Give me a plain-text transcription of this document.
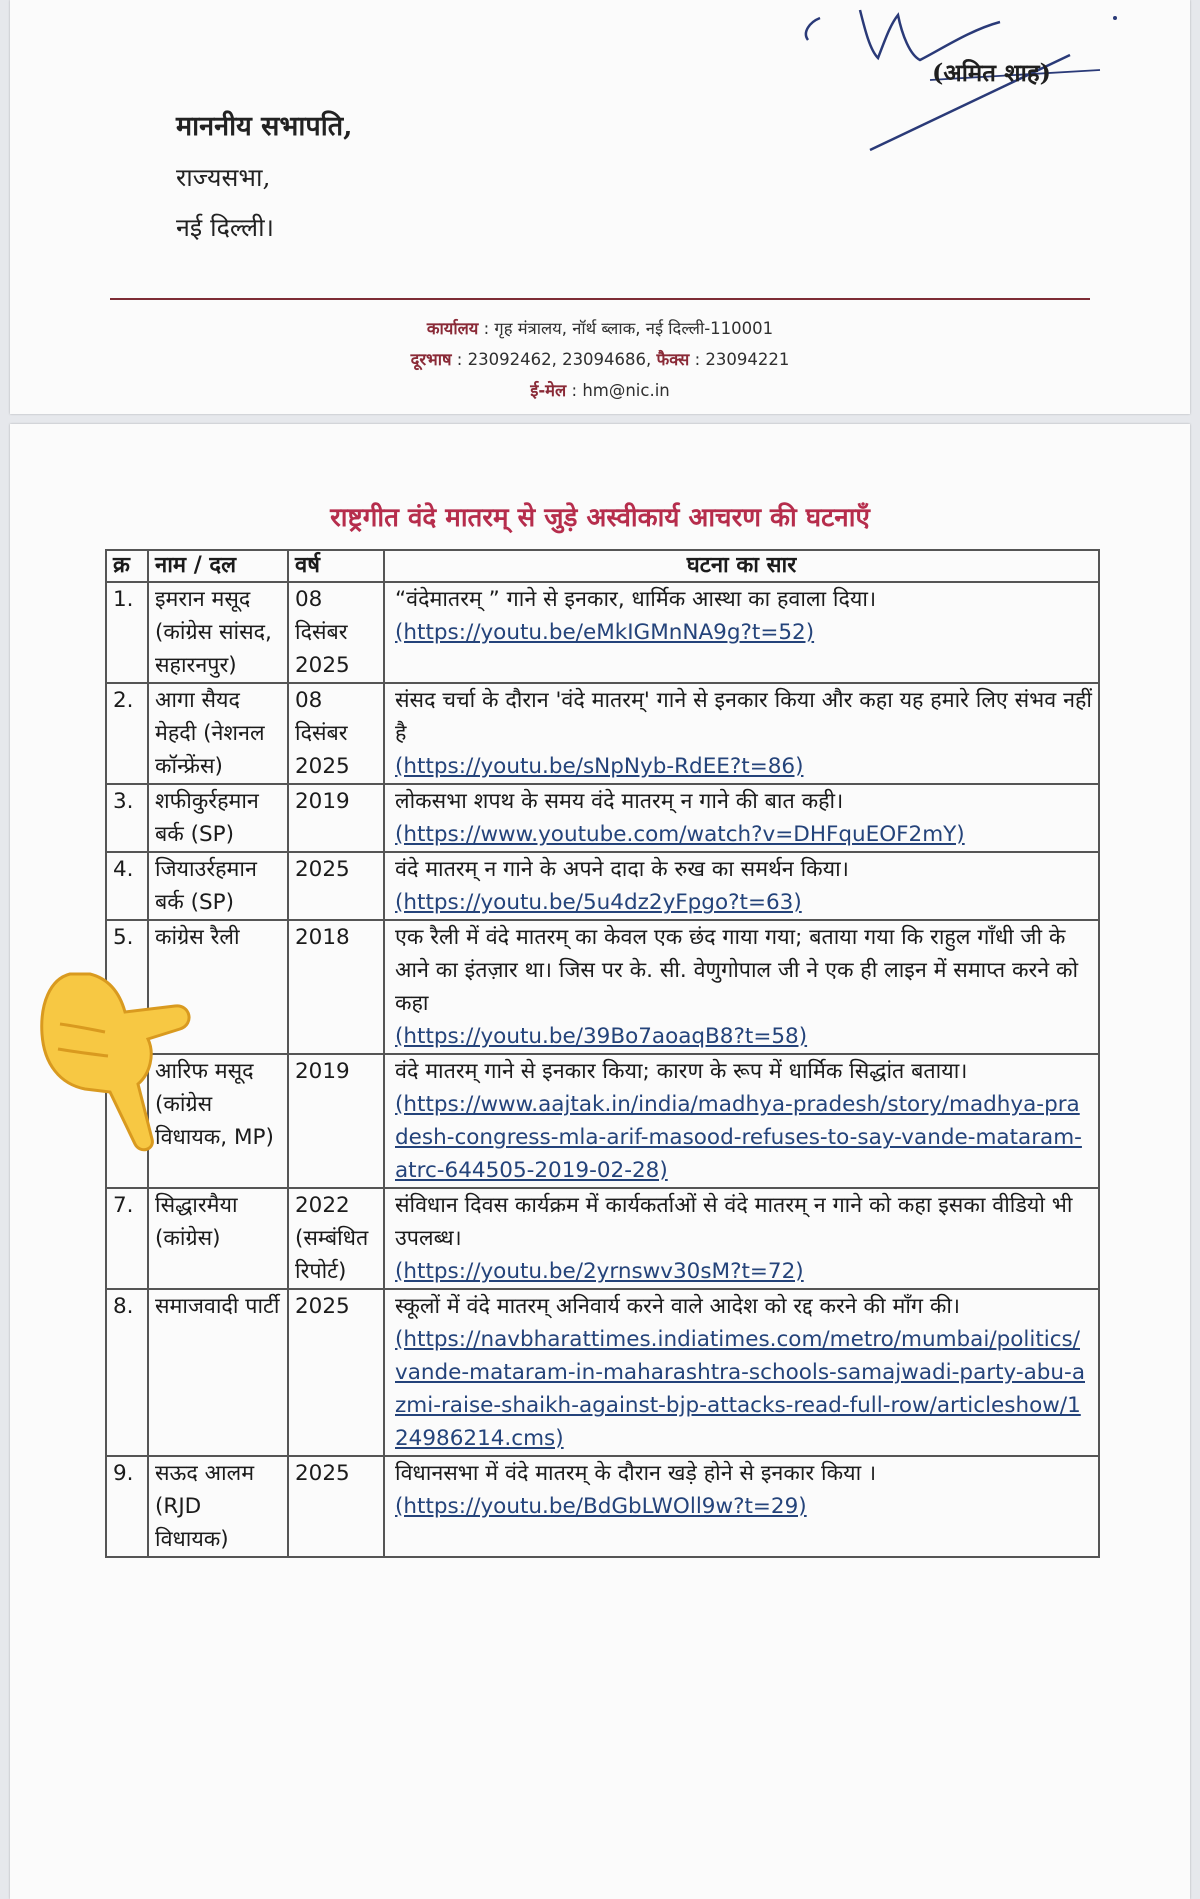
(अमित शाह)
माननीय सभापति,
राज्यसभा,
नई दिल्ली।
कार्यालय : गृह मंत्रालय, नॉर्थ ब्लाक, नई दिल्ली-110001
दूरभाष : 23092462, 23094686, फैक्स : 23094221
ई-मेल : hm@nic.in
राष्ट्रगीत वंदे मातरम् से जुड़े अस्वीकार्य आचरण की घटनाएँ
क्र	नाम / दल	वर्ष	घटना का सार
1.	इमरान मसूद (कांग्रेस सांसद, सहारनपुर)	08 दिसंबर 2025	“वंदेमातरम् ” गाने से इनकार, धार्मिक आस्था का हवाला दिया।
(https://youtu.be/eMkIGMnNA9g?t=52)
2.	आगा सैयद मेहदी (नेशनल कॉन्फ्रेंस)	08 दिसंबर 2025	संसद चर्चा के दौरान 'वंदे मातरम्' गाने से इनकार किया और कहा यह हमारे लिए संभव नहीं है
(https://youtu.be/sNpNyb-RdEE?t=86)
3.	शफीकुर्रहमान बर्क (SP)	2019	लोकसभा शपथ के समय वंदे मातरम् न गाने की बात कही।
(https://www.youtube.com/watch?v=DHFquEOF2mY)
4.	जियाउर्रहमान बर्क (SP)	2025	वंदे मातरम् न गाने के अपने दादा के रुख का समर्थन किया।
(https://youtu.be/5u4dz2yFpgo?t=63)
5.	कांग्रेस रैली	2018	एक रैली में वंदे मातरम् का केवल एक छंद गाया गया; बताया गया कि राहुल गाँधी जी के आने का इंतज़ार था। जिस पर के. सी. वेणुगोपाल जी ने एक ही लाइन में समाप्त करने को कहा
(https://youtu.be/39Bo7aoaqB8?t=58)
	आरिफ मसूद (कांग्रेस विधायक, MP)	2019	वंदे मातरम् गाने से इनकार किया; कारण के रूप में धार्मिक सिद्धांत बताया।
(https://www.aajtak.in/india/madhya-pradesh/story/madhya-pradesh-congress-mla-arif-masood-refuses-to-say-vande-mataram-atrc-644505-2019-02-28)
7.	सिद्धारमैया (कांग्रेस)	2022 (सम्बंधित रिपोर्ट)	संविधान दिवस कार्यक्रम में कार्यकर्ताओं से वंदे मातरम् न गाने को कहा इसका वीडियो भी उपलब्ध।
(https://youtu.be/2yrnswv30sM?t=72)
8.	समाजवादी पार्टी	2025	स्कूलों में वंदे मातरम् अनिवार्य करने वाले आदेश को रद्द करने की माँग की।
(https://navbharattimes.indiatimes.com/metro/mumbai/politics/vande-mataram-in-maharashtra-schools-samajwadi-party-abu-azmi-raise-shaikh-against-bjp-attacks-read-full-row/articleshow/124986214.cms)
9.	सऊद आलम (RJD विधायक)	2025	विधानसभा में वंदे मातरम् के दौरान खड़े होने से इनकार किया ।
(https://youtu.be/BdGbLWOll9w?t=29)
